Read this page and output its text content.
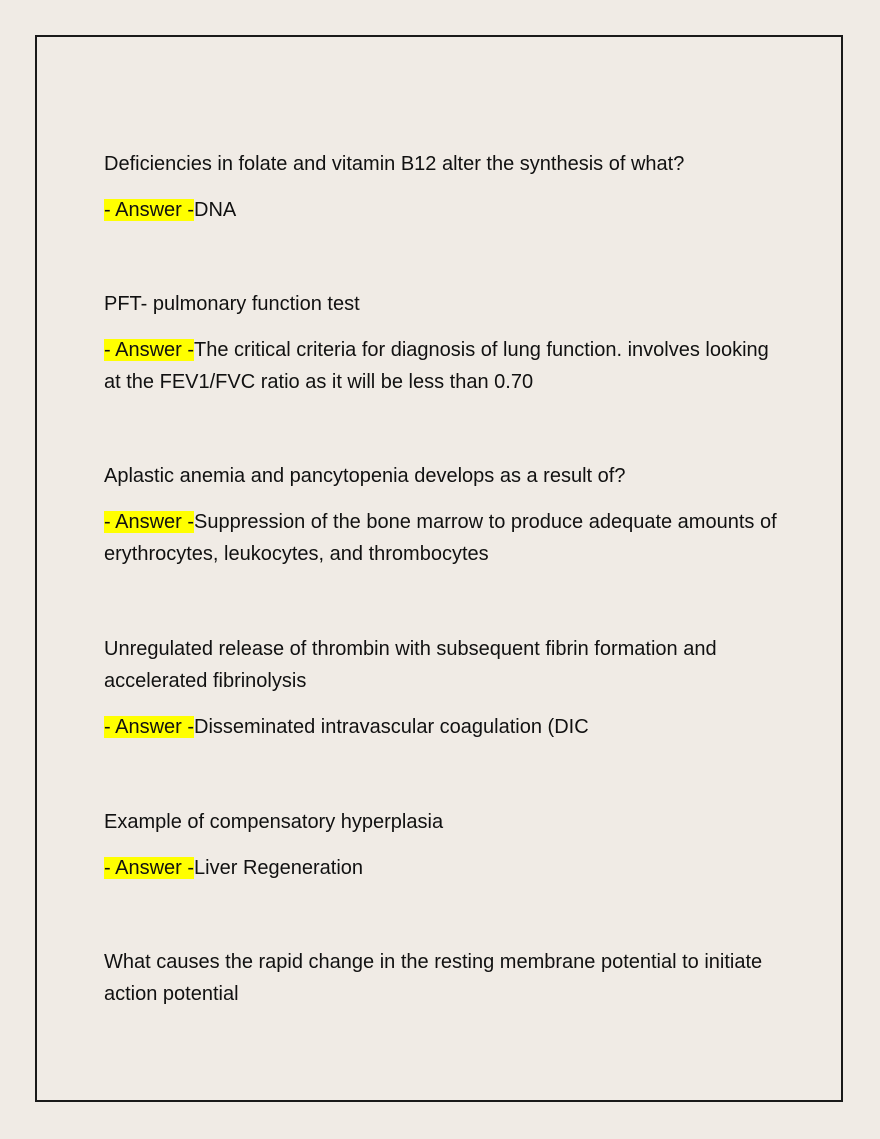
Deficiencies in folate and vitamin B12 alter the synthesis of what?

- Answer -DNA

PFT- pulmonary function test

- Answer -The critical criteria for diagnosis of lung function. involves looking at the FEV1/FVC ratio as it will be less than 0.70

Aplastic anemia and pancytopenia develops as a result of?

- Answer -Suppression of the bone marrow to produce adequate amounts of erythrocytes, leukocytes, and thrombocytes

Unregulated release of thrombin with subsequent fibrin formation and accelerated fibrinolysis

- Answer -Disseminated intravascular coagulation (DIC

Example of compensatory hyperplasia

- Answer -Liver Regeneration

What causes the rapid change in the resting membrane potential to initiate action potential
